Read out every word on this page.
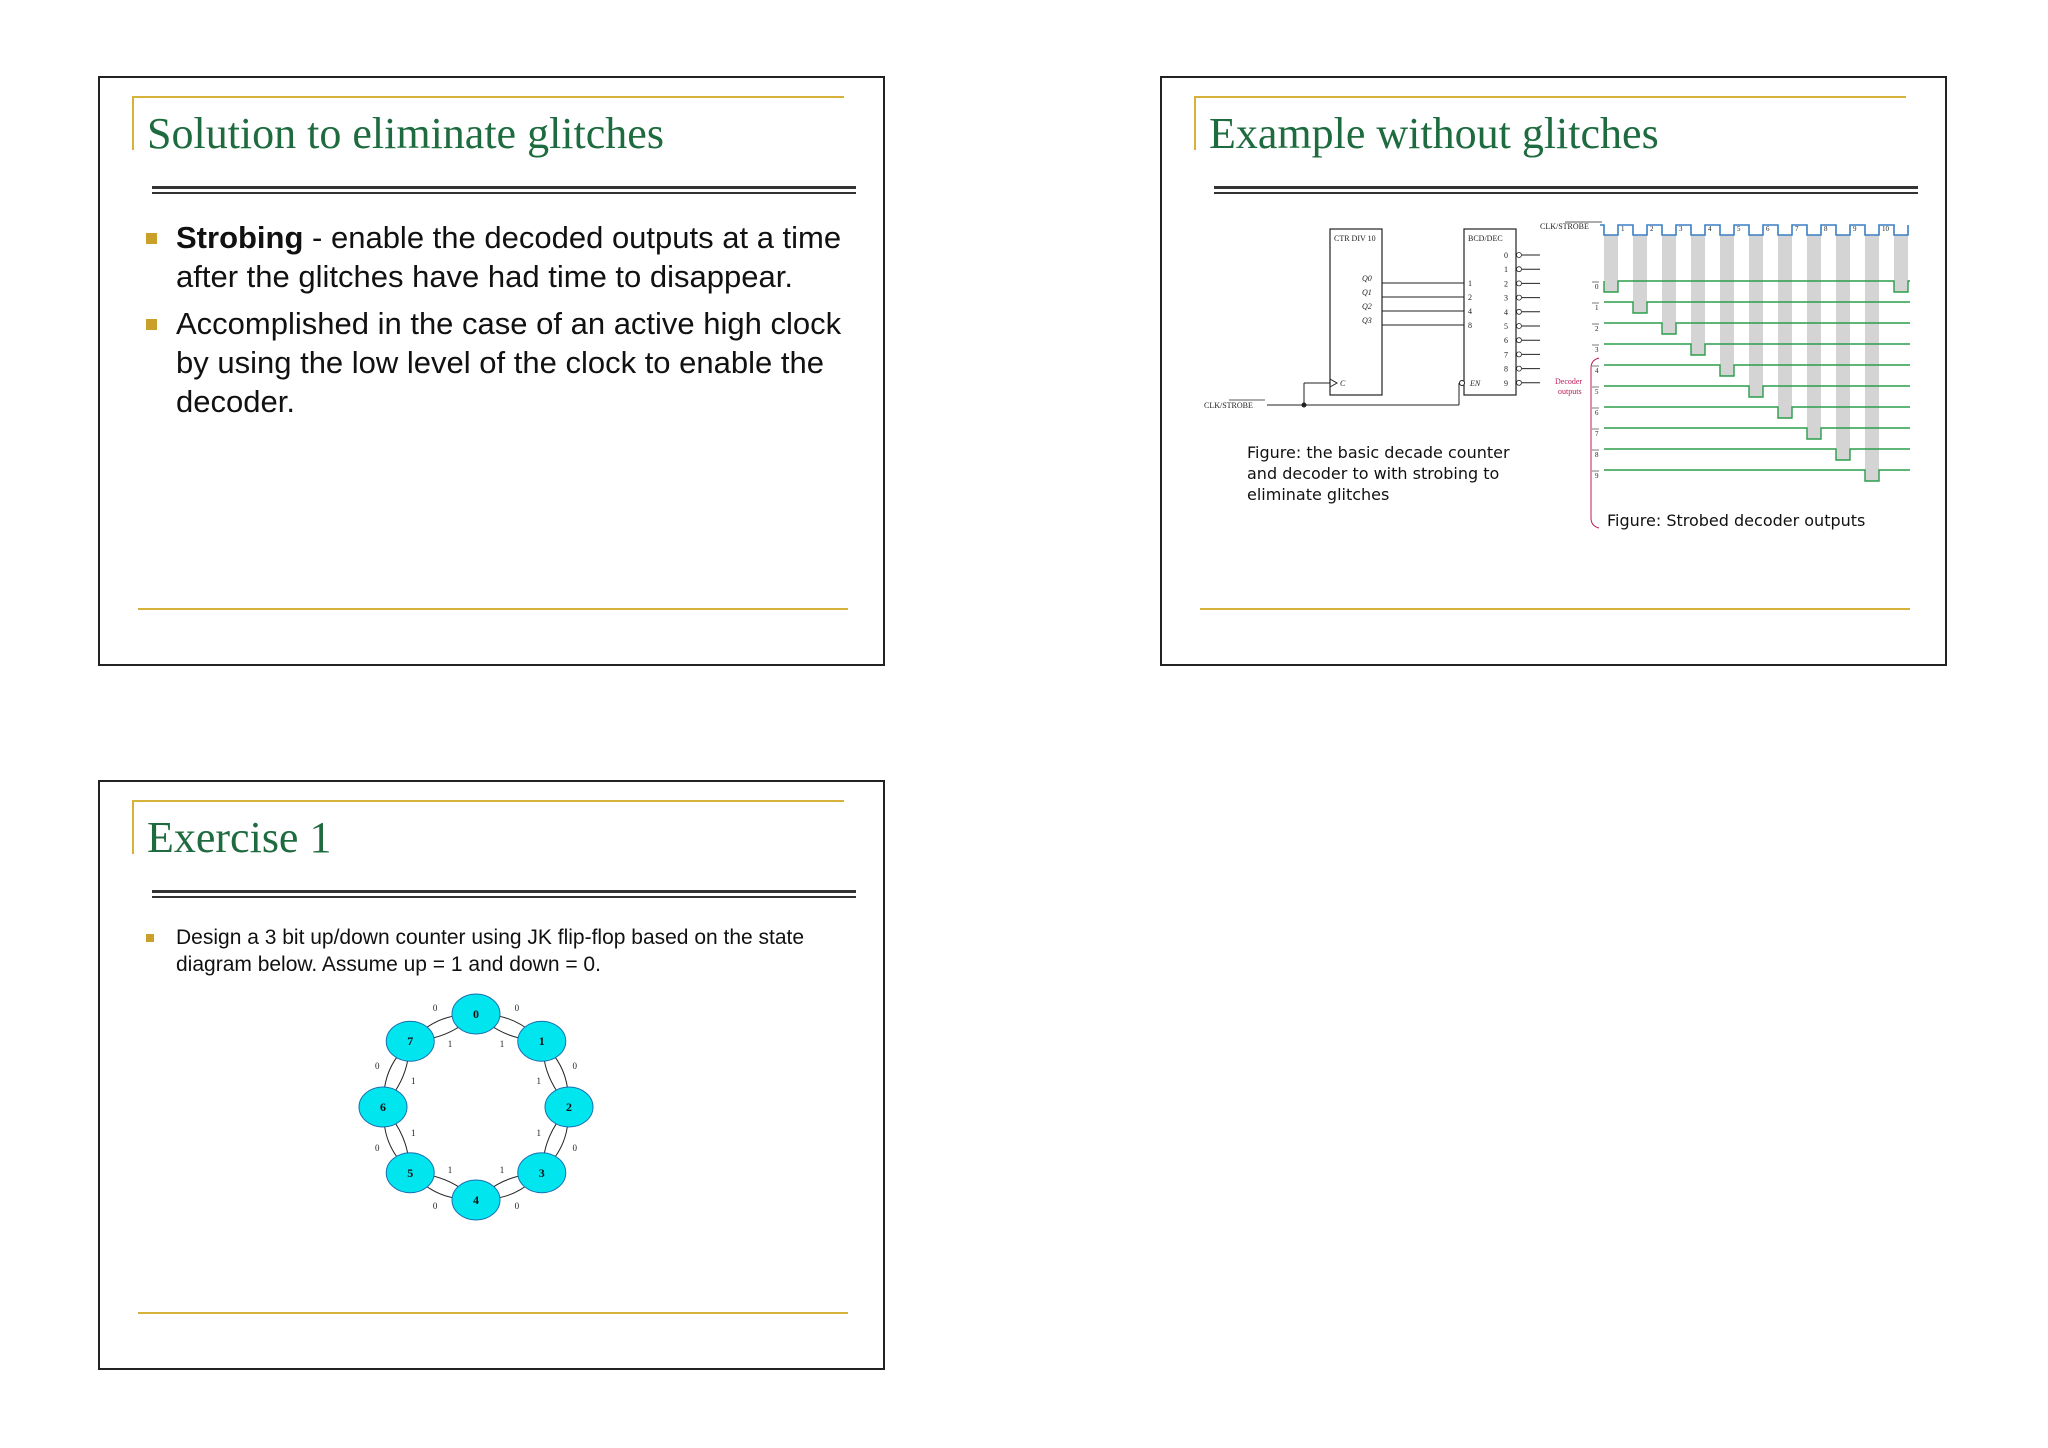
Solution to eliminate glitches
Strobing - enable the decoded outputs at a time after the glitches have had time to disappear.
Accomplished in the case of an active high clock by using the low level of the clock to enable the decoder.
Example without glitches
CTR DIV 10
C
Q0
Q1
Q2
Q3
BCD/DEC
1
2
4
8
0
1
2
3
4
5
6
7
8
9
EN
CLK/STROBE
Decoder
outputs
CLK/STROBE	1	2	3	4	5	6	7	8	9	10
0
1
2
3
4
5
6
7
8
9
Figure: the basic decade counter
and decoder to with strobing to
eliminate glitches
Figure: Strobed decoder outputs
Exercise 1
Design a 3 bit up/down counter using JK flip-flop based on the state diagram below. Assume up = 1 and down = 0.
1
0
1
0
1
0
1
0
1
0
1
0
1
0
1
0	0
1
2
3
4
5
6
7
